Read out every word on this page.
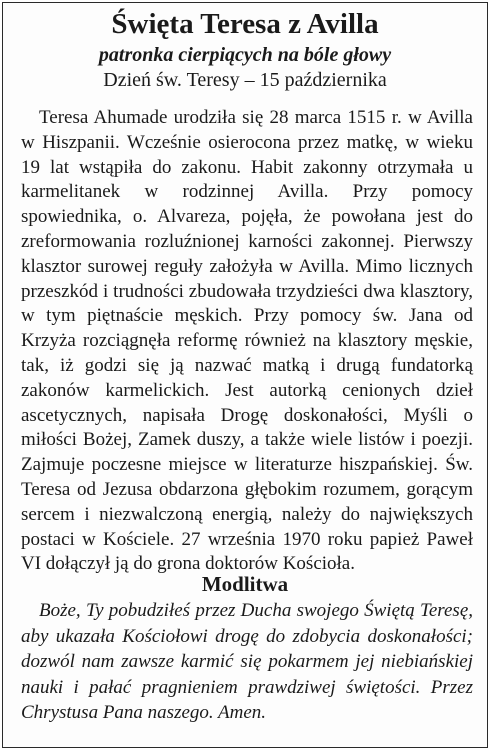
Święta Teresa z Avilla
patronka cierpiących na bóle głowy
Dzień św. Teresy – 15 października

Teresa Ahumade urodziła się 28 marca 1515 r. w Avilla w Hiszpanii. Wcześnie osierocona przez matkę, w wieku 19 lat wstąpiła do zakonu. Habit zakonny otrzymała u karmelitanek w rodzinnej Avilla. Przy pomocy spowiednika, o. Alvareza, pojęła, że powołana jest do zreformowania rozluźnionej karności zakonnej. Pierwszy klasztor surowej reguły założyła w Avilla. Mimo licznych przeszkód i trudności zbudowała trzydzieści dwa klasztory, w tym piętnaście męskich. Przy pomocy św. Jana od Krzyża rozciągnęła reformę również na klasztory męskie, tak, iż godzi się ją nazwać matką i drugą fundatorką zakonów karmelickich. Jest autorką cenionych dzieł ascetycznych, napisała Drogę doskonałości, Myśli o miłości Bożej, Zamek duszy, a także wiele listów i poezji. Zajmuje poczesne miejsce w literaturze hiszpańskiej. Św. Teresa od Jezusa obdarzona głębokim rozumem, gorącym sercem i niezwalczoną energią, należy do największych postaci w Kościele. 27 września 1970 roku papież Paweł VI dołączył ją do grona doktorów Kościoła.

Modlitwa

Boże, Ty pobudziłeś przez Ducha swojego Świętą Teresę, aby ukazała Kościołowi drogę do zdobycia doskonałości; dozwól nam zawsze karmić się pokarmem jej niebiańskiej nauki i pałać pragnieniem prawdziwej świętości. Przez Chrystusa Pana naszego. Amen.
